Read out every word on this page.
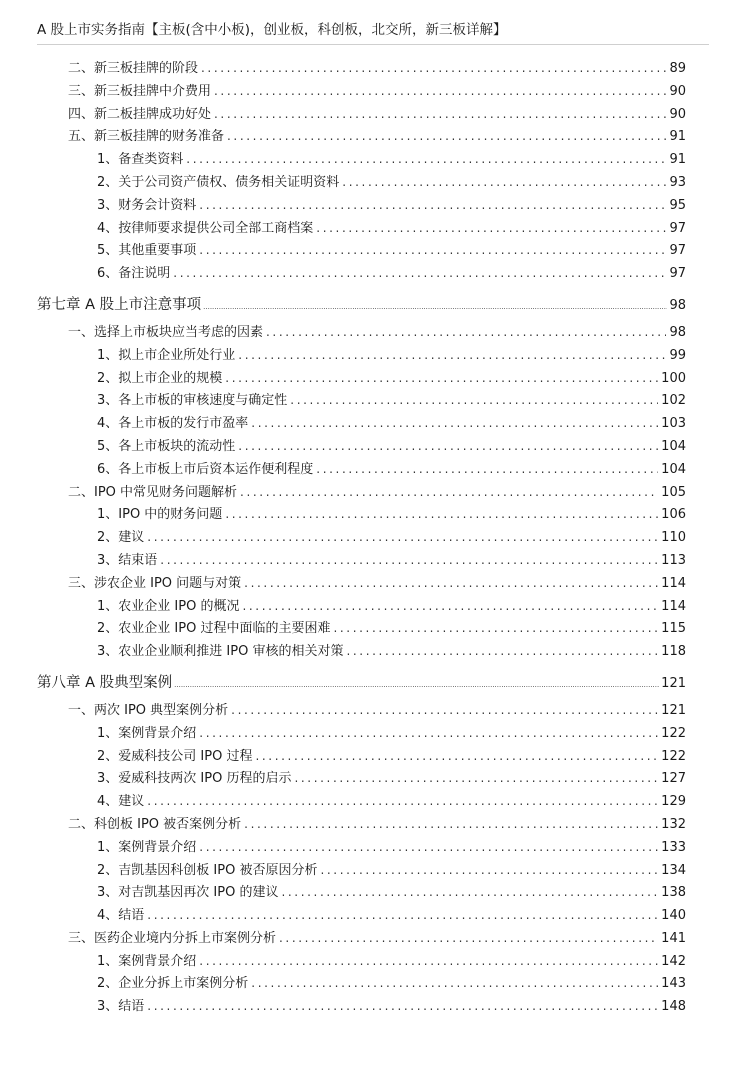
A 股上市实务指南【主板(含中小板)，创业板，科创板，北交所，新三板详解】
二、新三板挂牌的阶段 .....	89
三、新三板挂牌中介费用 .....	90
四、新二板挂牌成功好处 .....	90
五、新三板挂牌的财务准备 .....	91
1、备查类资料 .....	91
2、关于公司资产债权、债务相关证明资料 .....	93
3、财务会计资料 .....	95
4、按律师要求提供公司全部工商档案 .....	97
5、其他重要事项 .....	97
6、备注说明 .....	97
第七章 A 股上市注意事项 .....	98
一、选择上市板块应当考虑的因素 .....	98
1、拟上市企业所处行业 .....	99
2、拟上市企业的规模 .....	100
3、各上市板的审核速度与确定性 .....	102
4、各上市板的发行市盈率 .....	103
5、各上市板块的流动性 .....	104
6、各上市板上市后资本运作便利程度 .....	104
二、IPO 中常见财务问题解析 .....	105
1、IPO 中的财务问题 .....	106
2、建议 .....	110
3、结束语 .....	113
三、涉农企业 IPO 问题与对策 .....	114
1、农业企业 IPO 的概况 .....	114
2、农业企业 IPO 过程中面临的主要困难 .....	115
3、农业企业顺利推进 IPO 审核的相关对策 .....	118
第八章 A 股典型案例 .....	121
一、两次 IPO 典型案例分析 .....	121
1、案例背景介绍 .....	122
2、爱威科技公司 IPO 过程 .....	122
3、爱威科技两次 IPO 历程的启示 .....	127
4、建议 .....	129
二、科创板 IPO 被否案例分析 .....	132
1、案例背景介绍 .....	133
2、吉凯基因科创板 IPO 被否原因分析 .....	134
3、对吉凯基因再次 IPO 的建议 .....	138
4、结语 .....	140
三、医药企业境内分拆上市案例分析 .....	141
1、案例背景介绍 .....	142
2、企业分拆上市案例分析 .....	143
3、结语 .....	148
